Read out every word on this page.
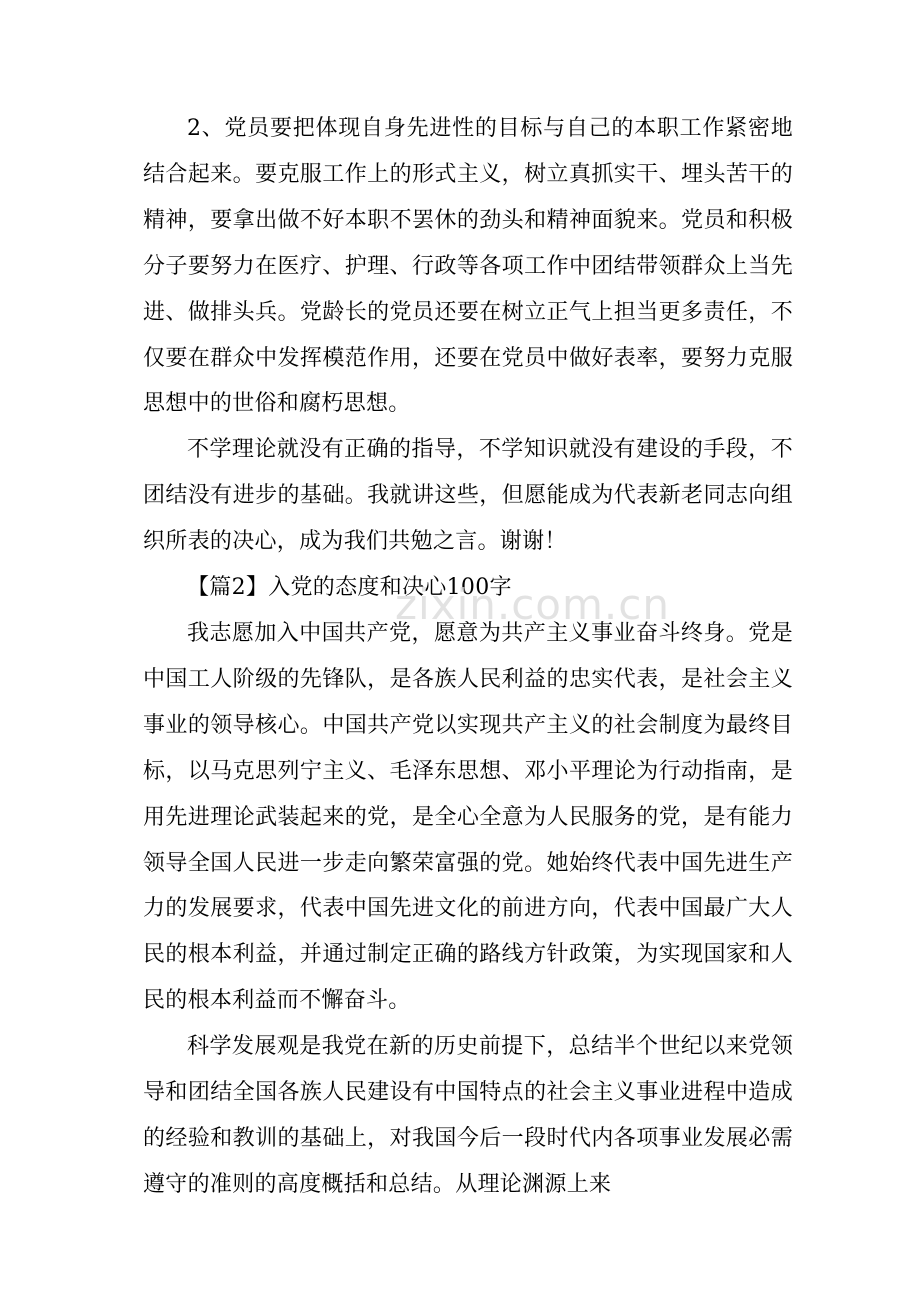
2、党员要把体现自身先进性的目标与自己的本职工作紧密地结合起来。要克服工作上的形式主义，树立真抓实干、埋头苦干的精神，要拿出做不好本职不罢休的劲头和精神面貌来。党员和积极分子要努力在医疗、护理、行政等各项工作中团结带领群众上当先进、做排头兵。党龄长的党员还要在树立正气上担当更多责任，不仅要在群众中发挥模范作用，还要在党员中做好表率，要努力克服思想中的世俗和腐朽思想。

不学理论就没有正确的指导，不学知识就没有建设的手段，不团结没有进步的基础。我就讲这些，但愿能成为代表新老同志向组织所表的决心，成为我们共勉之言。谢谢！

【篇2】入党的态度和决心100字

我志愿加入中国共产党，愿意为共产主义事业奋斗终身。党是中国工人阶级的先锋队，是各族人民利益的忠实代表，是社会主义事业的领导核心。中国共产党以实现共产主义的社会制度为最终目标，以马克思列宁主义、毛泽东思想、邓小平理论为行动指南，是用先进理论武装起来的党，是全心全意为人民服务的党，是有能力领导全国人民进一步走向繁荣富强的党。她始终代表中国先进生产力的发展要求，代表中国先进文化的前进方向，代表中国最广大人民的根本利益，并通过制定正确的路线方针政策，为实现国家和人民的根本利益而不懈奋斗。

科学发展观是我党在新的历史前提下，总结半个世纪以来党领导和团结全国各族人民建设有中国特点的社会主义事业进程中造成的经验和教训的基础上，对我国今后一段时代内各项事业发展必需遵守的准则的高度概括和总结。从理论渊源上来

zixin.com.cn
